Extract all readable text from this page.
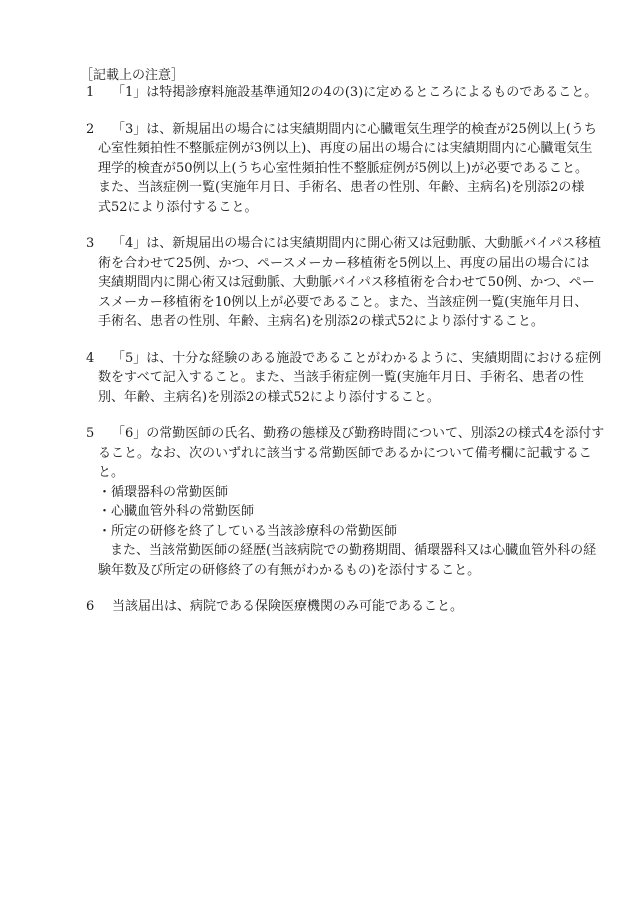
［記載上の注意］
1	「1」は特掲診療料施設基準通知2の4の(3)に定めるところによるものであること。
2	「3」は、新規届出の場合には実績期間内に心臓電気生理学的検査が25例以上(うち
心室性頻拍性不整脈症例が3例以上)、再度の届出の場合には実績期間内に心臓電気生
理学的検査が50例以上(うち心室性頻拍性不整脈症例が5例以上)が必要であること。
また、当該症例一覧(実施年月日、手術名、患者の性別、年齢、主病名)を別添2の様
式52により添付すること。
3	「4」は、新規届出の場合には実績期間内に開心術又は冠動脈、大動脈バイパス移植
術を合わせて25例、かつ、ペースメーカー移植術を5例以上、再度の届出の場合には
実績期間内に開心術又は冠動脈、大動脈バイパス移植術を合わせて50例、かつ、ペー
スメーカー移植術を10例以上が必要であること。また、当該症例一覧(実施年月日、
手術名、患者の性別、年齢、主病名)を別添2の様式52により添付すること。
4	「5」は、十分な経験のある施設であることがわかるように、実績期間における症例
数をすべて記入すること。また、当該手術症例一覧(実施年月日、手術名、患者の性
別、年齢、主病名)を別添2の様式52により添付すること。
5	「6」の常勤医師の氏名、勤務の態様及び勤務時間について、別添2の様式4を添付す
ること。なお、次のいずれに該当する常勤医師であるかについて備考欄に記載するこ
と。
・循環器科の常勤医師
・心臓血管外科の常勤医師
・所定の研修を終了している当該診療科の常勤医師
また、当該常勤医師の経歴(当該病院での勤務期間、循環器科又は心臓血管外科の経
験年数及び所定の研修終了の有無がわかるもの)を添付すること。
6	当該届出は、病院である保険医療機関のみ可能であること。
